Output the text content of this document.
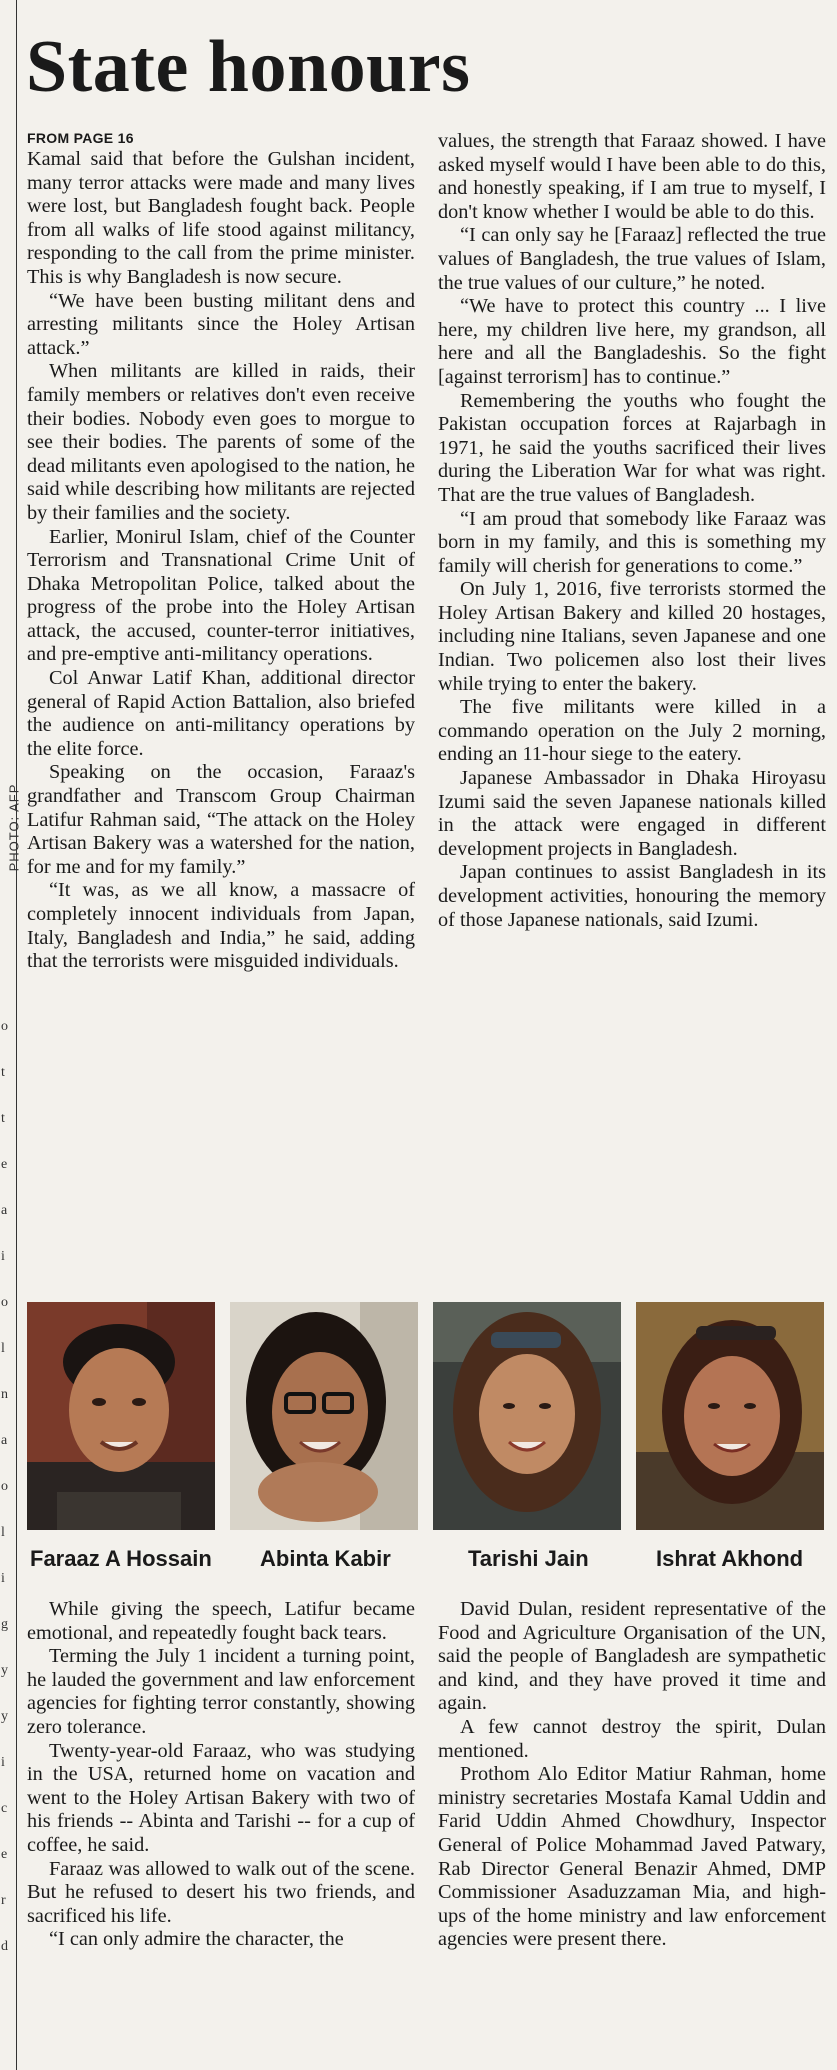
PHOTO: AFP
o
t
t
e
a
i
o
l
n
a
o
l
i
g
y
y
i
c
e
r
d
State honours
FROM PAGE 16

Kamal said that before the Gulshan incident, many terror attacks were made and many lives were lost, but Bangladesh fought back. People from all walks of life stood against militancy, responding to the call from the prime minister. This is why Bangladesh is now secure.

“We have been busting militant dens and arresting militants since the Holey Artisan attack.”

When militants are killed in raids, their family members or relatives don't even receive their bodies. Nobody even goes to morgue to see their bodies. The parents of some of the dead militants even apologised to the nation, he said while describing how militants are rejected by their families and the society.

Earlier, Monirul Islam, chief of the Counter Terrorism and Transnational Crime Unit of Dhaka Metropolitan Police, talked about the progress of the probe into the Holey Artisan attack, the accused, counter-terror initiatives, and pre-emptive anti-militancy operations.

Col Anwar Latif Khan, additional director general of Rapid Action Battalion, also briefed the audience on anti-militancy operations by the elite force.

Speaking on the occasion, Faraaz's grandfather and Transcom Group Chairman Latifur Rahman said, “The attack on the Holey Artisan Bakery was a watershed for the nation, for me and for my family.”

“It was, as we all know, a massacre of completely innocent individuals from Japan, Italy, Bangladesh and India,” he said, adding that the terrorists were misguided individuals.

values, the strength that Faraaz showed. I have asked myself would I have been able to do this, and honestly speaking, if I am true to myself, I don't know whether I would be able to do this.

“I can only say he [Faraaz] reflected the true values of Bangladesh, the true values of Islam, the true values of our culture,” he noted.

“We have to protect this country ... I live here, my children live here, my grandson, all here and all the Bangladeshis. So the fight [against terrorism] has to continue.”

Remembering the youths who fought the Pakistan occupation forces at Rajarbagh in 1971, he said the youths sacrificed their lives during the Liberation War for what was right. That are the true values of Bangladesh.

“I am proud that somebody like Faraaz was born in my family, and this is something my family will cherish for generations to come.”

On July 1, 2016, five terrorists stormed the Holey Artisan Bakery and killed 20 hostages, including nine Italians, seven Japanese and one Indian. Two policemen also lost their lives while trying to enter the bakery.

The five militants were killed in a commando operation on the July 2 morning, ending an 11-hour siege to the eatery.

Japanese Ambassador in Dhaka Hiroyasu Izumi said the seven Japanese nationals killed in the attack were engaged in different development projects in Bangladesh.

Japan continues to assist Bangladesh in its development activities, honouring the memory of those Japanese nationals, said Izumi.

Faraaz A Hossain Abinta Kabir	Tarishi Jain	Ishrat Akhond

While giving the speech, Latifur became emotional, and repeatedly fought back tears.

Terming the July 1 incident a turning point, he lauded the government and law enforcement agencies for fighting terror constantly, showing zero tolerance.

Twenty-year-old Faraaz, who was studying in the USA, returned home on vacation and went to the Holey Artisan Bakery with two of his friends -- Abinta and Tarishi -- for a cup of coffee, he said.

Faraaz was allowed to walk out of the scene. But he refused to desert his two friends, and sacrificed his life.

“I can only admire the character, the

David Dulan, resident representative of the Food and Agriculture Organisation of the UN, said the people of Bangladesh are sympathetic and kind, and they have proved it time and again.

A few cannot destroy the spirit, Dulan mentioned.

Prothom Alo Editor Matiur Rahman, home ministry secretaries Mostafa Kamal Uddin and Farid Uddin Ahmed Chowdhury, Inspector General of Police Mohammad Javed Patwary, Rab Director General Benazir Ahmed, DMP Commissioner Asaduzzaman Mia, and high-ups of the home ministry and law enforcement agencies were present there.
